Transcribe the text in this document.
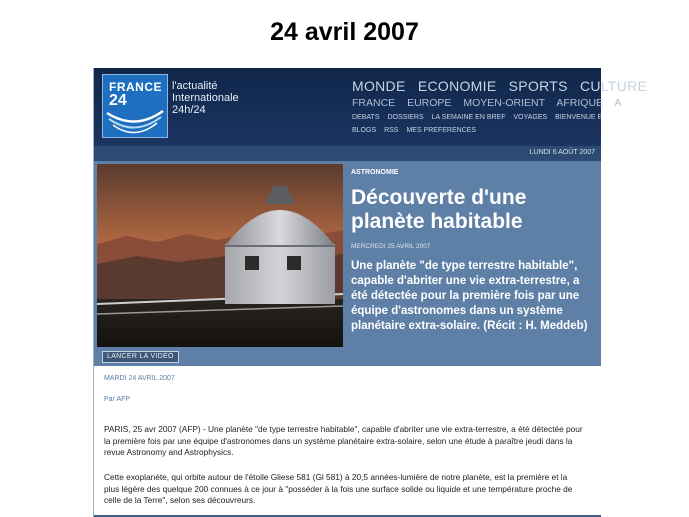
24 avril 2007
FRANCE
24
l'actualité
Internationale
24h/24
MONDE ECONOMIE SPORTS CULTURE
FRANCE EUROPE MOYEN-ORIENT AFRIQUE A
DEBATS DOSSIERS LA SEMAINE EN BREF VOYAGES BIENVENUE E
BLOGS RSS MES PREFERENCES
LUNDI 6 AOÛT 2007
LANCER LA VIDÉO
ASTRONOMIE
Découverte d'une planète habitable
MERCREDI 25 AVRIL 2007
Une planète "de type terrestre habitable", capable d'abriter une vie extra-terrestre, a été détectée pour la première fois par une équipe d'astronomes dans un système planétaire extra-solaire. (Récit : H. Meddeb)
MARDI 24 AVRIL 2007
Par AFP
PARIS, 25 avr 2007 (AFP) - Une planète "de type terrestre habitable", capable d'abriter une vie extra-terrestre, a été détectée pour la première fois par une équipe d'astronomes dans un système planétaire extra-solaire, selon une étude à paraître jeudi dans la revue Astronomy and Astrophysics.
Cette exoplanète, qui orbite autour de l'étoile Gliese 581 (Gl 581) à 20,5 années-lumière de notre planète, est la première et la plus légère des quelque 200 connues à ce jour à "posséder à la fois une surface solide ou liquide et une température proche de celle de la Terre", selon ses découvreurs.
